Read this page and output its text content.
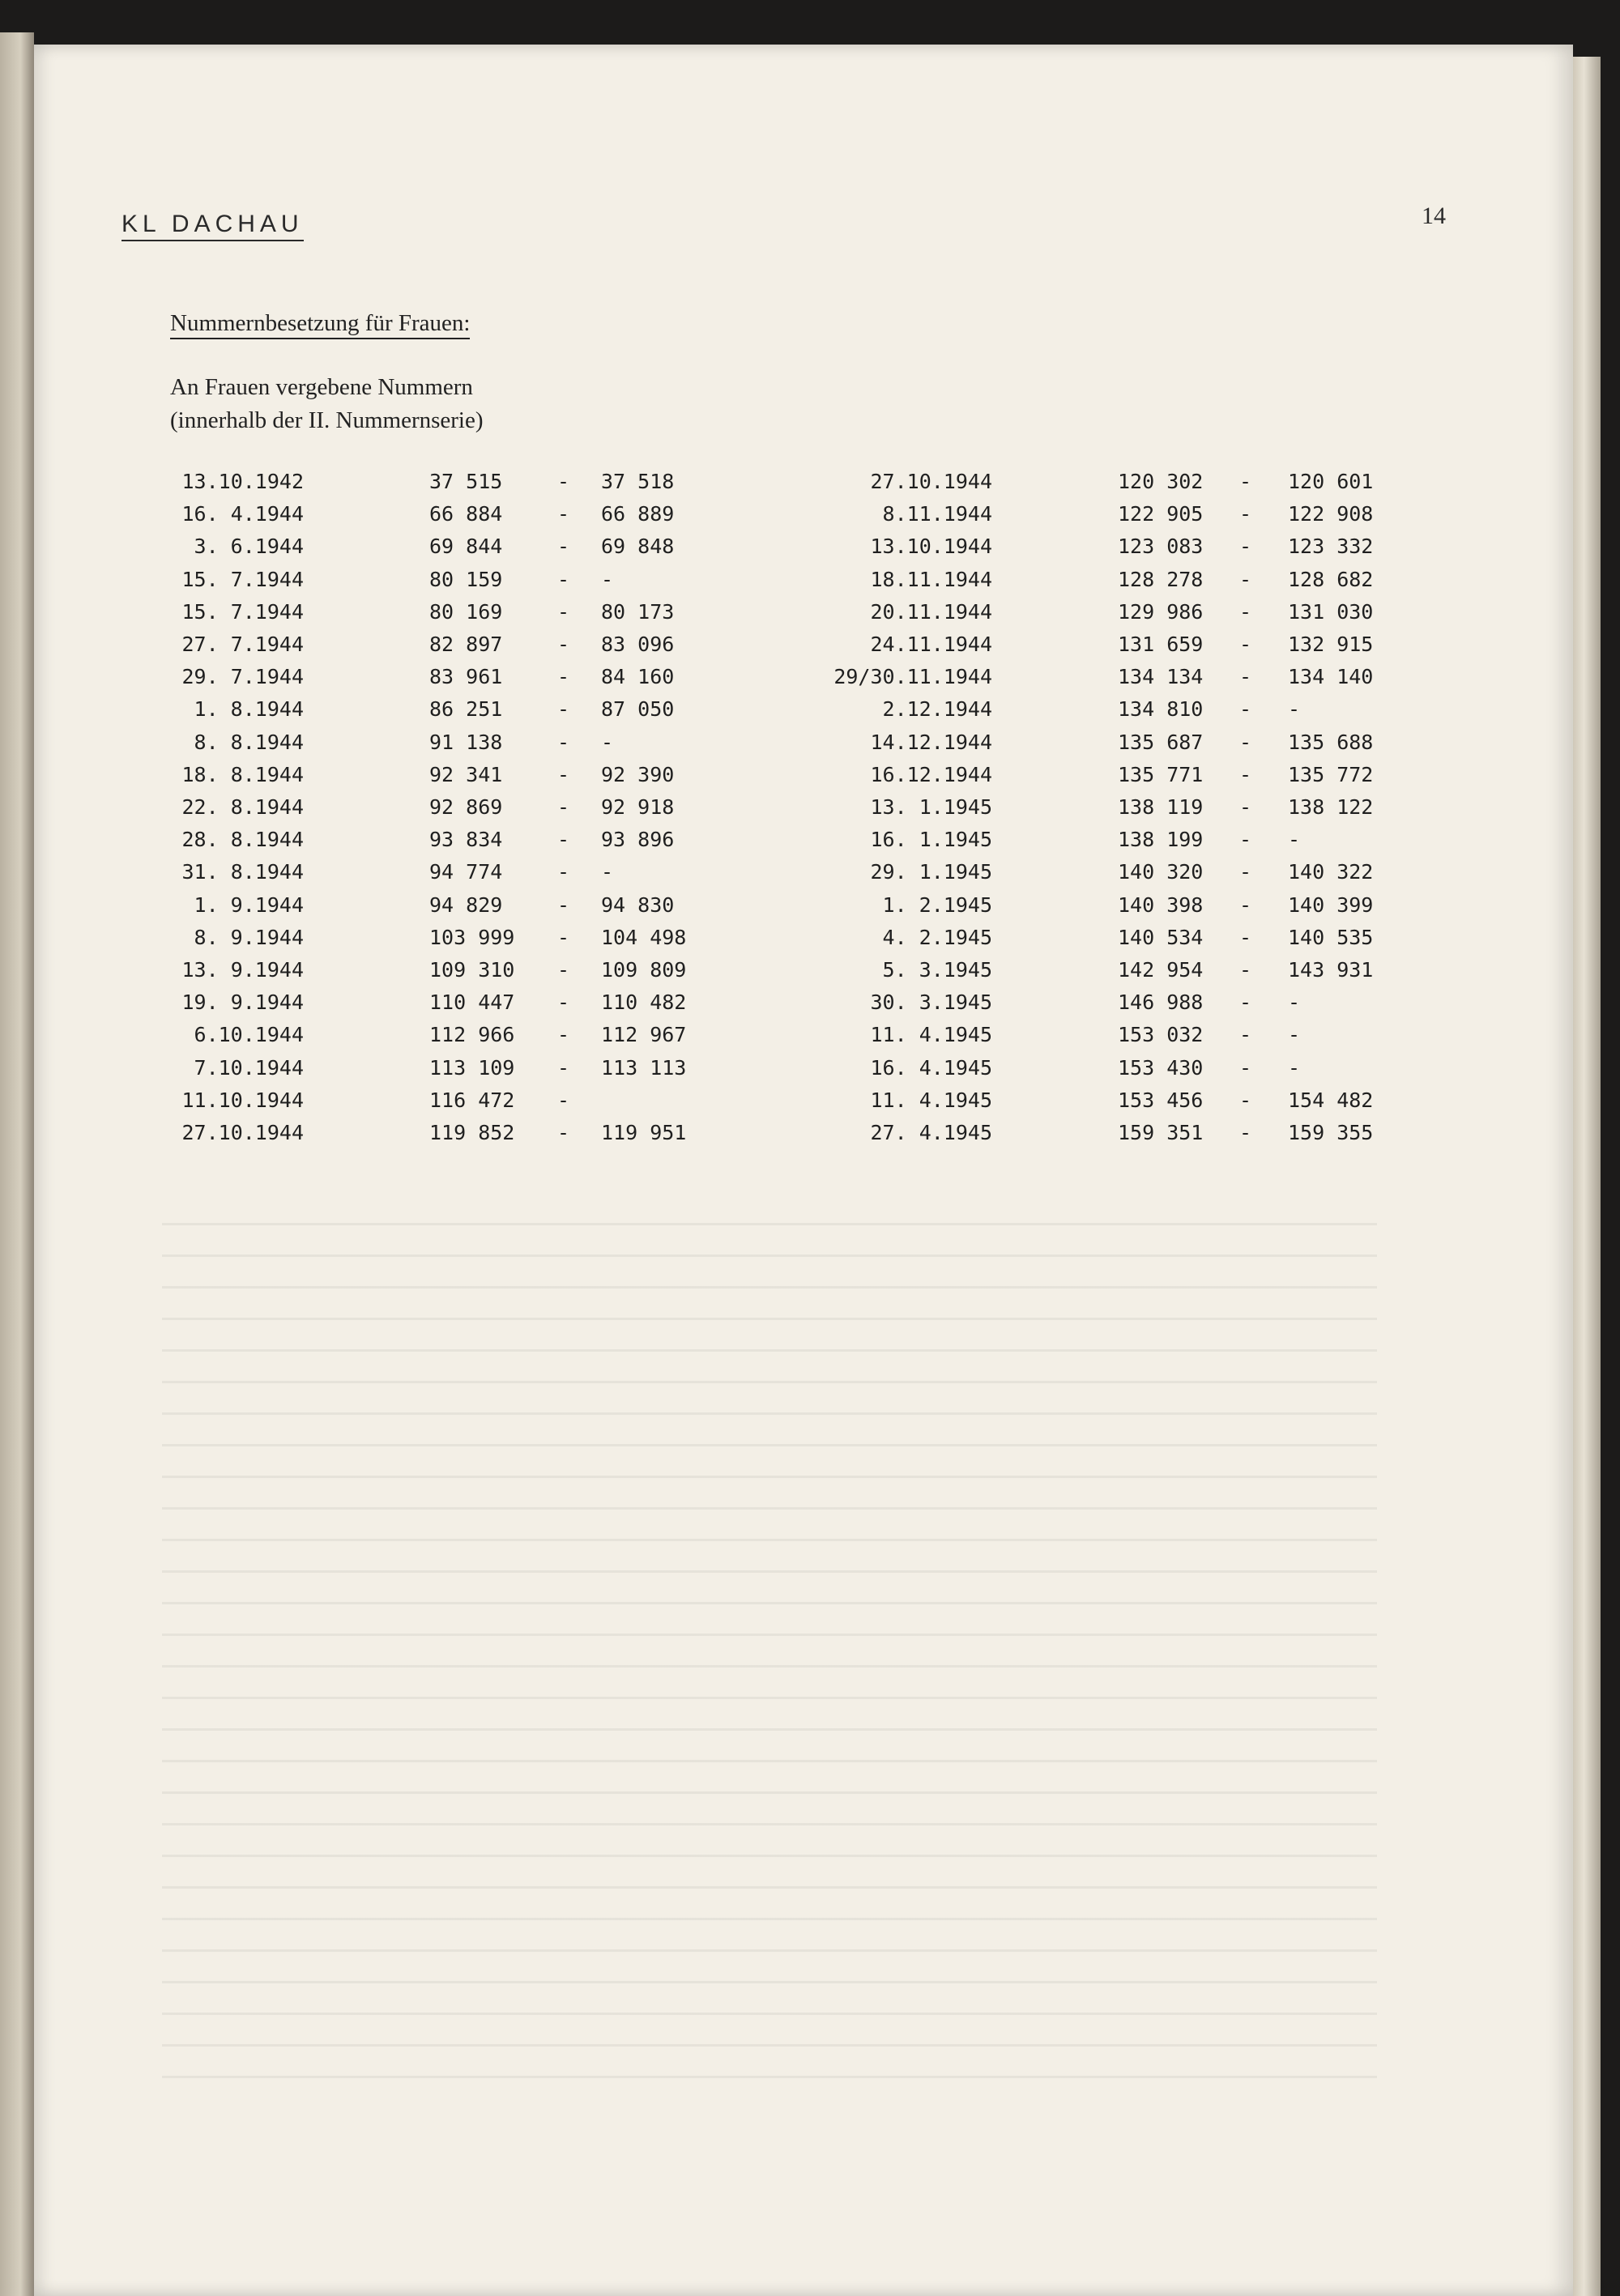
KL DACHAU	14
Nummernbesetzung für Frauen:
An Frauen vergebene Nummern
(innerhalb der II. Nummernserie)
13.10.1942	37 515	- 37 518
16. 4.1944	66 884	- 66 889
3. 6.1944	69 844	- 69 848
15. 7.1944	80 159	- -
15. 7.1944	80 169	- 80 173
27. 7.1944	82 897	- 83 096
29. 7.1944	83 961	- 84 160
1. 8.1944	86 251	- 87 050
8. 8.1944	91 138	- -
18. 8.1944	92 341	- 92 390
22. 8.1944	92 869	- 92 918
28. 8.1944	93 834	- 93 896
31. 8.1944	94 774	- -
1. 9.1944	94 829	- 94 830
8. 9.1944	103 999 - 104 498
13. 9.1944	109 310 - 109 809
19. 9.1944	110 447 - 110 482
6.10.1944	112 966 - 112 967
7.10.1944	113 109 - 113 113
11.10.1944	116 472 -
27.10.1944	119 852 - 119 951
27.10.1944	120 302 - 120 601
8.11.1944	122 905 - 122 908
13.10.1944	123 083 - 123 332
18.11.1944	128 278 - 128 682
20.11.1944	129 986 - 131 030
24.11.1944	131 659 - 132 915
29/30.11.1944	134 134 - 134 140
2.12.1944	134 810 - -
14.12.1944	135 687 - 135 688
16.12.1944	135 771 - 135 772
13. 1.1945	138 119 - 138 122
16. 1.1945	138 199 - -
29. 1.1945	140 320 - 140 322
1. 2.1945	140 398 - 140 399
4. 2.1945	140 534 - 140 535
5. 3.1945	142 954 - 143 931
30. 3.1945	146 988 - -
11. 4.1945	153 032 - -
16. 4.1945	153 430 - -
11. 4.1945	153 456 - 154 482
27. 4.1945	159 351 - 159 355
